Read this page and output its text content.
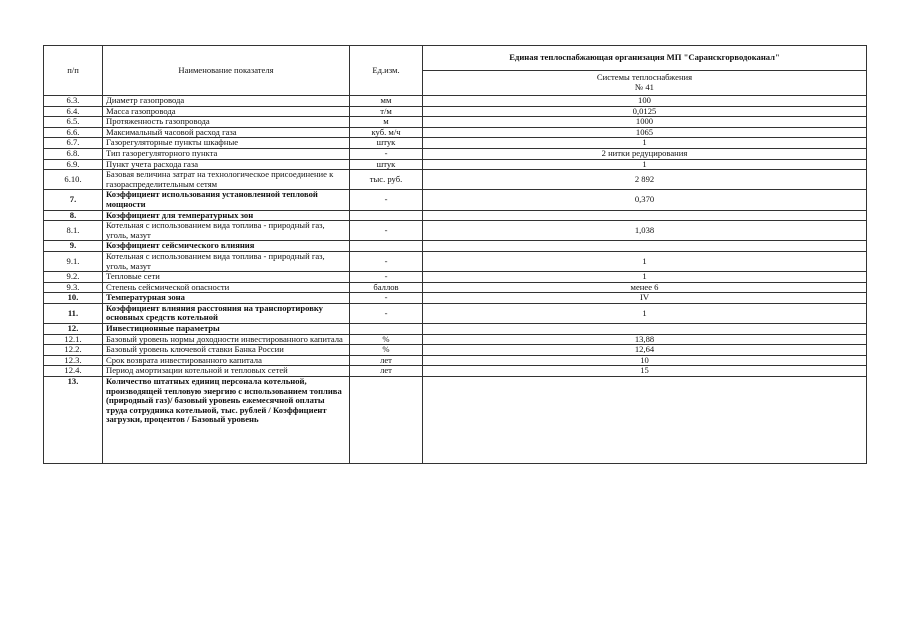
п/п	Наименование показателя	Ед.изм.	Единая теплоспабжающая организация МП "Саранскгорводоканал"
			Системы теплоснабжения
№ 41
6.3.	Диаметр газопровода	мм	100
6.4.	Масса газопровода	т/м	0,0125
6.5.	Протяженность газопровода	м	1000
6.6.	Максимальный часовой расход газа	куб. м/ч	1065
6.7.	Газорегуляторные пункты шкафные	штук	1
6.8.	Тип газорегуляторного пункта	-	2 нитки редуцирования
6.9.	Пункт учета расхода газа	штук	1
6.10.	Базовая величина затрат на технологическое присоединение к газораспределительным сетям	тыс. руб.	2 892
7.	Коэффициент использования установленной тепловой мощности	-	0,370
8.	Коэффициент для температурных зон		
8.1.	Котельная с использованием вида топлива - природный газ, уголь, мазут	-	1,038
9.	Коэффициент сейсмического влияния		
9.1.	Котельная с использованием вида топлива - природный газ, уголь, мазут	-	1
9.2.	Тепловые сети	-	1
9.3.	Степень сейсмической опасности	баллов	менее 6
10.	Температурная зона	-	IV
11.	Коэффициент влияния расстояния на транспортировку основных средств котельной	-	1
12.	Инвестиционные параметры		
12.1.	Базовый уровень нормы доходности инвестированного капитала	%	13,88
12.2.	Базовый уровень ключевой ставки Банка России	%	12,64
12.3.	Срок возврата инвестированного капитала	лет	10
12.4.	Период амортизации котельной и тепловых сетей	лет	15
13.	Количество штатных единиц персонала котельной, производящей тепловую энергию с использованием топлива (природный газ)/ базовый уровень ежемесячной оплаты труда сотрудника котельной, тыс. рублей / Коэффициент загрузки, процентов / Базовый уровень		
